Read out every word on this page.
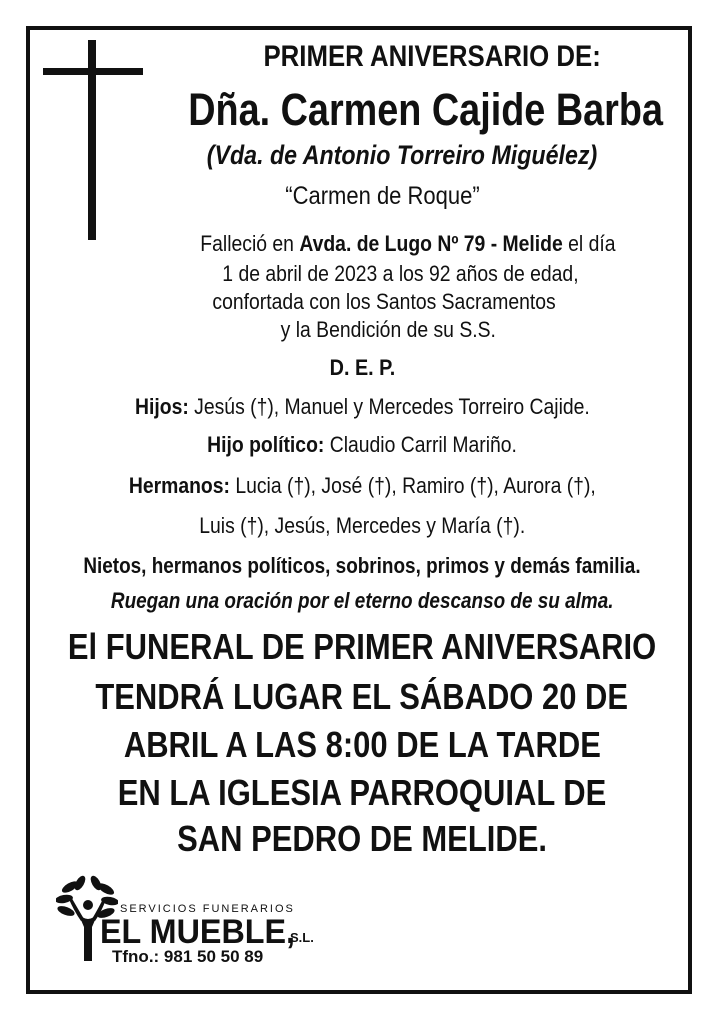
PRIMER ANIVERSARIO DE:
Dña. Carmen Cajide Barba
(Vda. de Antonio Torreiro Miguélez)
“Carmen de Roque”
Falleció en Avda. de Lugo Nº 79 - Melide el día
1 de abril de 2023 a los 92 años de edad,
confortada con los Santos Sacramentos
y la Bendición de su S.S.
D. E. P.
Hijos: Jesús (†), Manuel y Mercedes Torreiro Cajide.
Hijo político: Claudio Carril Mariño.
Hermanos: Lucia (†), José (†), Ramiro (†), Aurora (†),
Luis (†), Jesús, Mercedes y María (†).
Nietos, hermanos políticos, sobrinos, primos y demás familia.
Ruegan una oración por el eterno descanso de su alma.
El FUNERAL DE PRIMER ANIVERSARIO
TENDRÁ LUGAR EL SÁBADO 20 DE
ABRIL A LAS 8:00 DE LA TARDE
EN LA IGLESIA PARROQUIAL DE
SAN PEDRO DE MELIDE.
SERVICIOS FUNERARIOS
EL MUEBLE,
S.L.
Tfno.: 981 50 50 89
